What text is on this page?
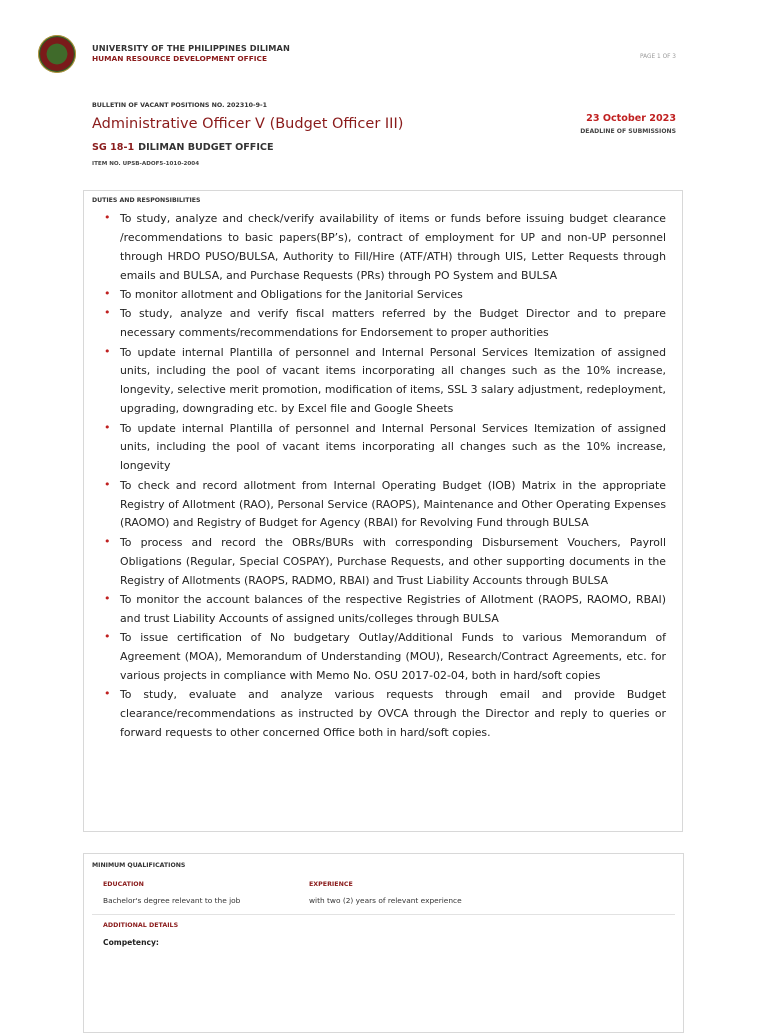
UNIVERSITY OF THE PHILIPPINES DILIMAN
HUMAN RESOURCE DEVELOPMENT OFFICE	PAGE 1 OF 3
BULLETIN OF VACANT POSITIONS NO. 202310-9-1
Administrative Officer V (Budget Officer III)
SG 18-1 DILIMAN BUDGET OFFICE
ITEM NO. UPSB-ADOF5-1010-2004
23 October 2023
DEADLINE OF SUBMISSIONS
DUTIES AND RESPONSIBILITIES
• To study, analyze and check/verify availability of items or funds before issuing budget clearance /recommendations to basic papers(BP’s), contract of employment for UP and non-UP personnel through HRDO PUSO/BULSA, Authority to Fill/Hire (ATF/ATH) through UIS, Letter Requests through emails and BULSA, and Purchase Requests (PRs) through PO System and BULSA
• To monitor allotment and Obligations for the Janitorial Services
• To study, analyze and verify fiscal matters referred by the Budget Director and to prepare necessary comments/recommendations for Endorsement to proper authorities
• To update internal Plantilla of personnel and Internal Personal Services Itemization of assigned units, including the pool of vacant items incorporating all changes such as the 10% increase, longevity, selective merit promotion, modification of items, SSL 3 salary adjustment, redeployment, upgrading, downgrading etc. by Excel file and Google Sheets
• To update internal Plantilla of personnel and Internal Personal Services Itemization of assigned units, including the pool of vacant items incorporating all changes such as the 10% increase, longevity
• To check and record allotment from Internal Operating Budget (IOB) Matrix in the appropriate Registry of Allotment (RAO), Personal Service (RAOPS), Maintenance and Other Operating Expenses (RAOMO) and Registry of Budget for Agency (RBAI) for Revolving Fund through BULSA
• To process and record the OBRs/BURs with corresponding Disbursement Vouchers, Payroll Obligations (Regular, Special COSPAY), Purchase Requests, and other supporting documents in the Registry of Allotments (RAOPS, RADMO, RBAI) and Trust Liability Accounts through BULSA
• To monitor the account balances of the respective Registries of Allotment (RAOPS, RAOMO, RBAI) and trust Liability Accounts of assigned units/colleges through BULSA
• To issue certification of No budgetary Outlay/Additional Funds to various Memorandum of Agreement (MOA), Memorandum of Understanding (MOU), Research/Contract Agreements, etc. for various projects in compliance with Memo No. OSU 2017-02-04, both in hard/soft copies
• To study, evaluate and analyze various requests through email and provide Budget clearance/recommendations as instructed by OVCA through the Director and reply to queries or forward requests to other concerned Office both in hard/soft copies.
MINIMUM QUALIFICATIONS
EDUCATION	EXPERIENCE
Bachelor's degree relevant to the job	with two (2) years of relevant experience
ADDITIONAL DETAILS
Competency:
